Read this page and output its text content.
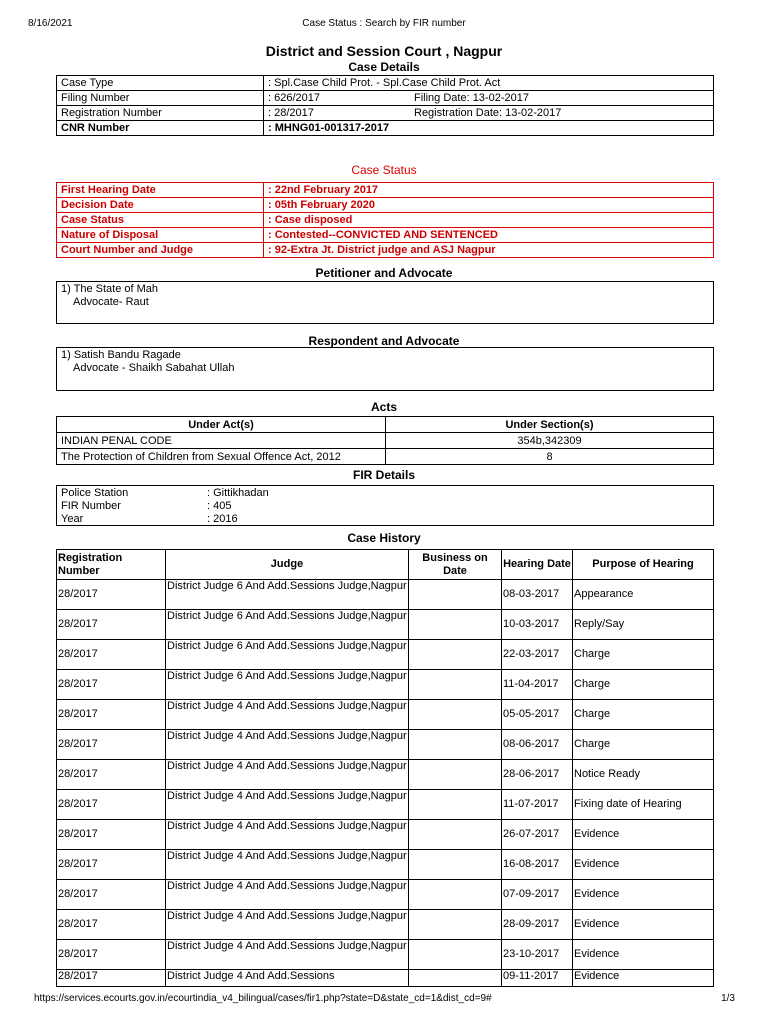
8/16/2021	Case Status : Search by FIR number
https://services.ecourts.gov.in/ecourtindia_v4_bilingual/cases/fir1.php?state=D&state_cd=1&dist_cd=9#	1/3
District and Session Court , Nagpur
Case Details
Case Type	: Spl.Case Child Prot. - Spl.Case Child Prot. Act
Filing Number	: 626/2017 Filing Date: 13-02-2017
Registration Number	: 28/2017 Registration Date: 13-02-2017
CNR Number	: MHNG01-001317-2017
Case Status
First Hearing Date	: 22nd February 2017
Decision Date	: 05th February 2020
Case Status	: Case disposed
Nature of Disposal	: Contested--CONVICTED AND SENTENCED
Court Number and Judge	: 92-Extra Jt. District judge and ASJ Nagpur
Petitioner and Advocate
1) The State of Mah
Advocate- Raut
Respondent and Advocate
1) Satish Bandu Ragade
Advocate - Shaikh Sabahat Ullah
Acts
Under Act(s)	Under Section(s)
INDIAN PENAL CODE	354b,342309
The Protection of Children from Sexual Offence Act, 2012	8
FIR Details
Police Station	: Gittikhadan
FIR Number	: 405
Year	: 2016
Case History
Registration Number	Judge	Business on Date	Hearing Date	Purpose of Hearing
28/2017	District Judge 6 And Add.Sessions Judge,Nagpur		08-03-2017	Appearance
28/2017	District Judge 6 And Add.Sessions Judge,Nagpur		10-03-2017	Reply/Say
28/2017	District Judge 6 And Add.Sessions Judge,Nagpur		22-03-2017	Charge
28/2017	District Judge 6 And Add.Sessions Judge,Nagpur		11-04-2017	Charge
28/2017	District Judge 4 And Add.Sessions Judge,Nagpur		05-05-2017	Charge
28/2017	District Judge 4 And Add.Sessions Judge,Nagpur		08-06-2017	Charge
28/2017	District Judge 4 And Add.Sessions Judge,Nagpur		28-06-2017	Notice Ready
28/2017	District Judge 4 And Add.Sessions Judge,Nagpur		11-07-2017	Fixing date of Hearing
28/2017	District Judge 4 And Add.Sessions Judge,Nagpur		26-07-2017	Evidence
28/2017	District Judge 4 And Add.Sessions Judge,Nagpur		16-08-2017	Evidence
28/2017	District Judge 4 And Add.Sessions Judge,Nagpur		07-09-2017	Evidence
28/2017	District Judge 4 And Add.Sessions Judge,Nagpur		28-09-2017	Evidence
28/2017	District Judge 4 And Add.Sessions Judge,Nagpur		23-10-2017	Evidence
28/2017	District Judge 4 And Add.Sessions		09-11-2017	Evidence
